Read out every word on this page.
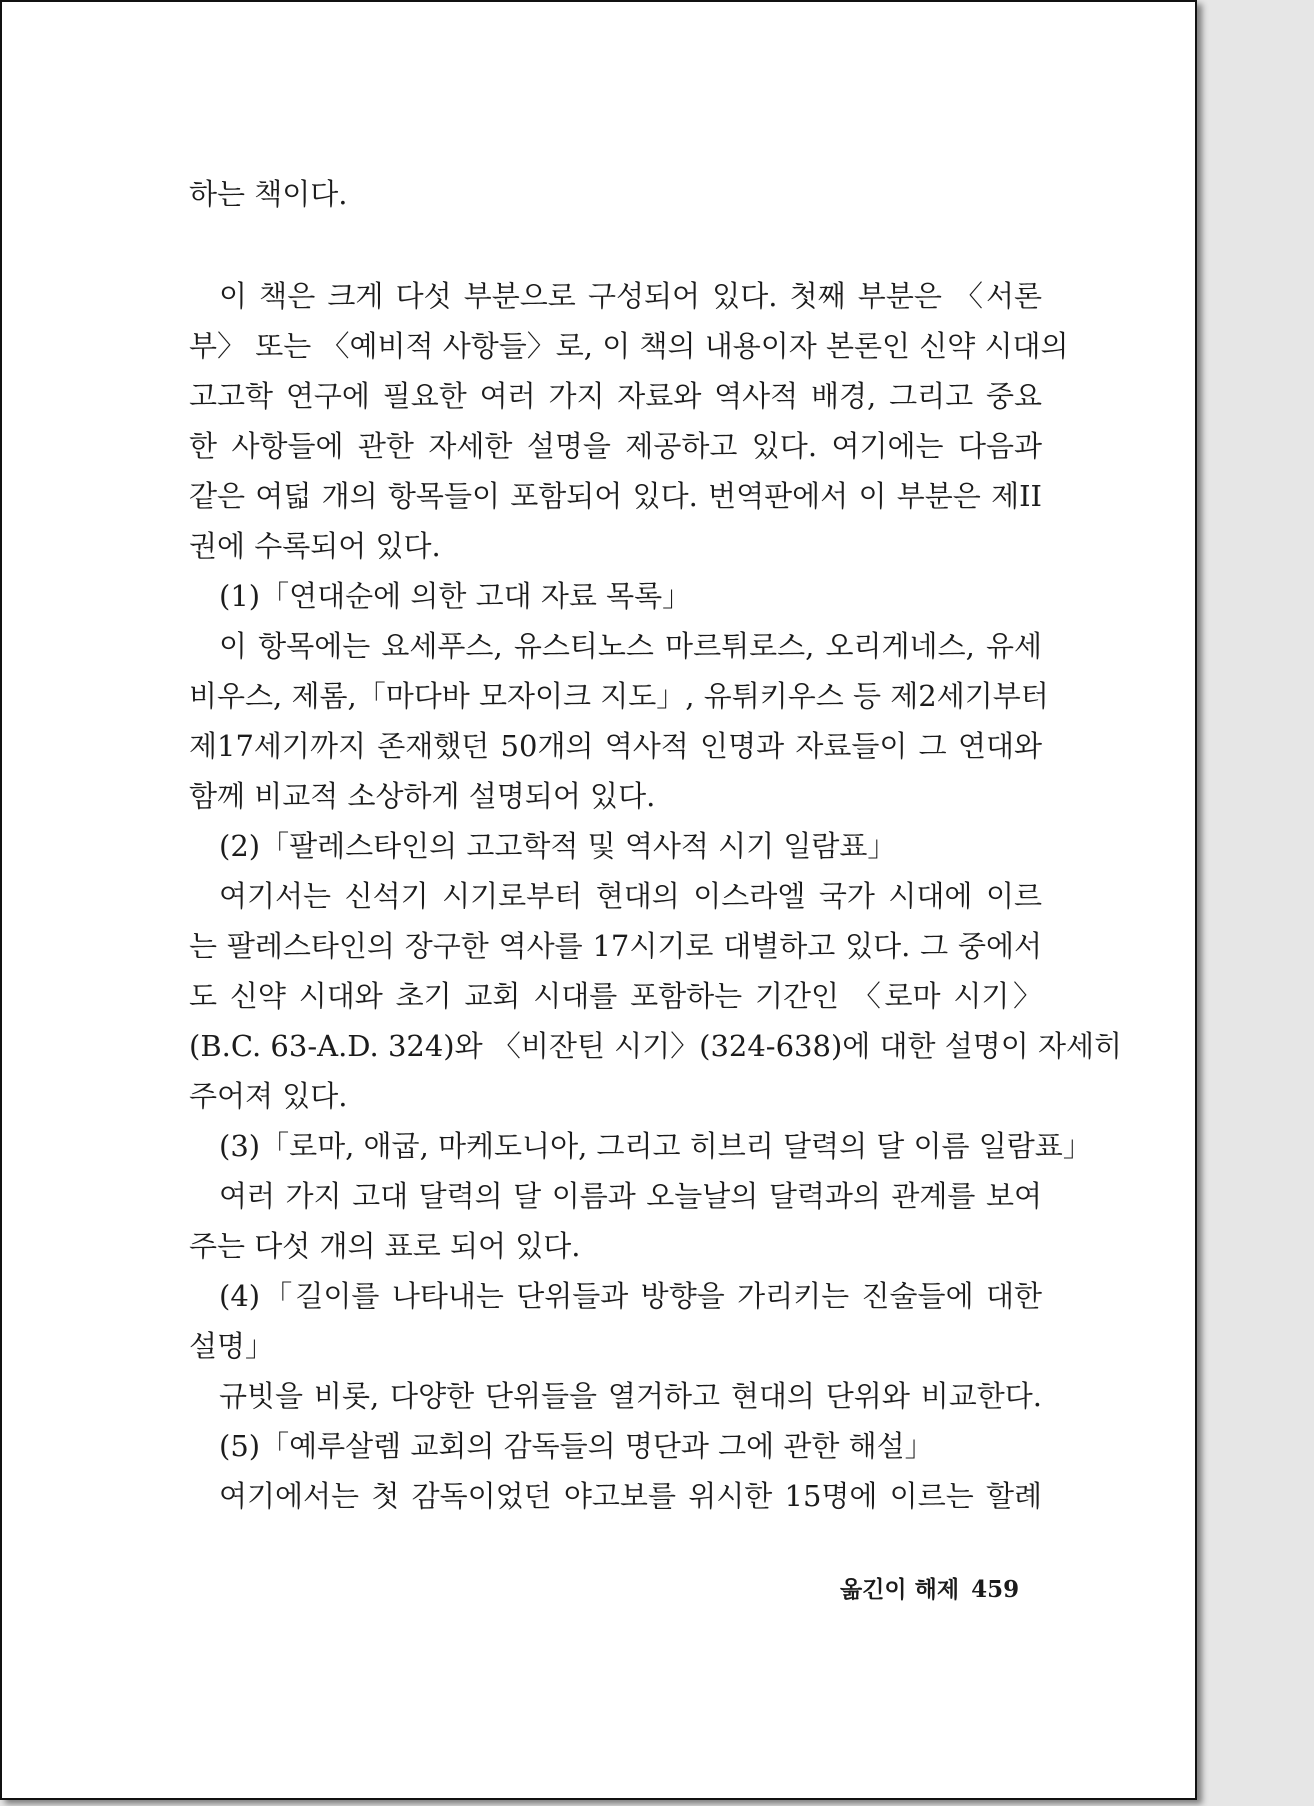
하는 책이다.
이 책은 크게 다섯 부분으로 구성되어 있다. 첫째 부분은 〈서론
부〉 또는 〈예비적 사항들〉로, 이 책의 내용이자 본론인 신약 시대의
고고학 연구에 필요한 여러 가지 자료와 역사적 배경, 그리고 중요
한 사항들에 관한 자세한 설명을 제공하고 있다. 여기에는 다음과
같은 여덟 개의 항목들이 포함되어 있다. 번역판에서 이 부분은 제II
권에 수록되어 있다.
(1)「연대순에 의한 고대 자료 목록」
이 항목에는 요세푸스, 유스티노스 마르튀로스, 오리게네스, 유세
비우스, 제롬,「마다바 모자이크 지도」, 유튀키우스 등 제2세기부터
제17세기까지 존재했던 50개의 역사적 인명과 자료들이 그 연대와
함께 비교적 소상하게 설명되어 있다.
(2)「팔레스타인의 고고학적 및 역사적 시기 일람표」
여기서는 신석기 시기로부터 현대의 이스라엘 국가 시대에 이르
는 팔레스타인의 장구한 역사를 17시기로 대별하고 있다. 그 중에서
도 신약 시대와 초기 교회 시대를 포함하는 기간인 〈로마 시기〉
(B.C. 63-A.D. 324)와 〈비잔틴 시기〉(324-638)에 대한 설명이 자세히
주어져 있다.
(3)「로마, 애굽, 마케도니아, 그리고 히브리 달력의 달 이름 일람표」
여러 가지 고대 달력의 달 이름과 오늘날의 달력과의 관계를 보여
주는 다섯 개의 표로 되어 있다.
(4)「길이를 나타내는 단위들과 방향을 가리키는 진술들에 대한
설명」
규빗을 비롯, 다양한 단위들을 열거하고 현대의 단위와 비교한다.
(5)「예루살렘 교회의 감독들의 명단과 그에 관한 해설」
여기에서는 첫 감독이었던 야고보를 위시한 15명에 이르는 할례
옮긴이 해제 459
